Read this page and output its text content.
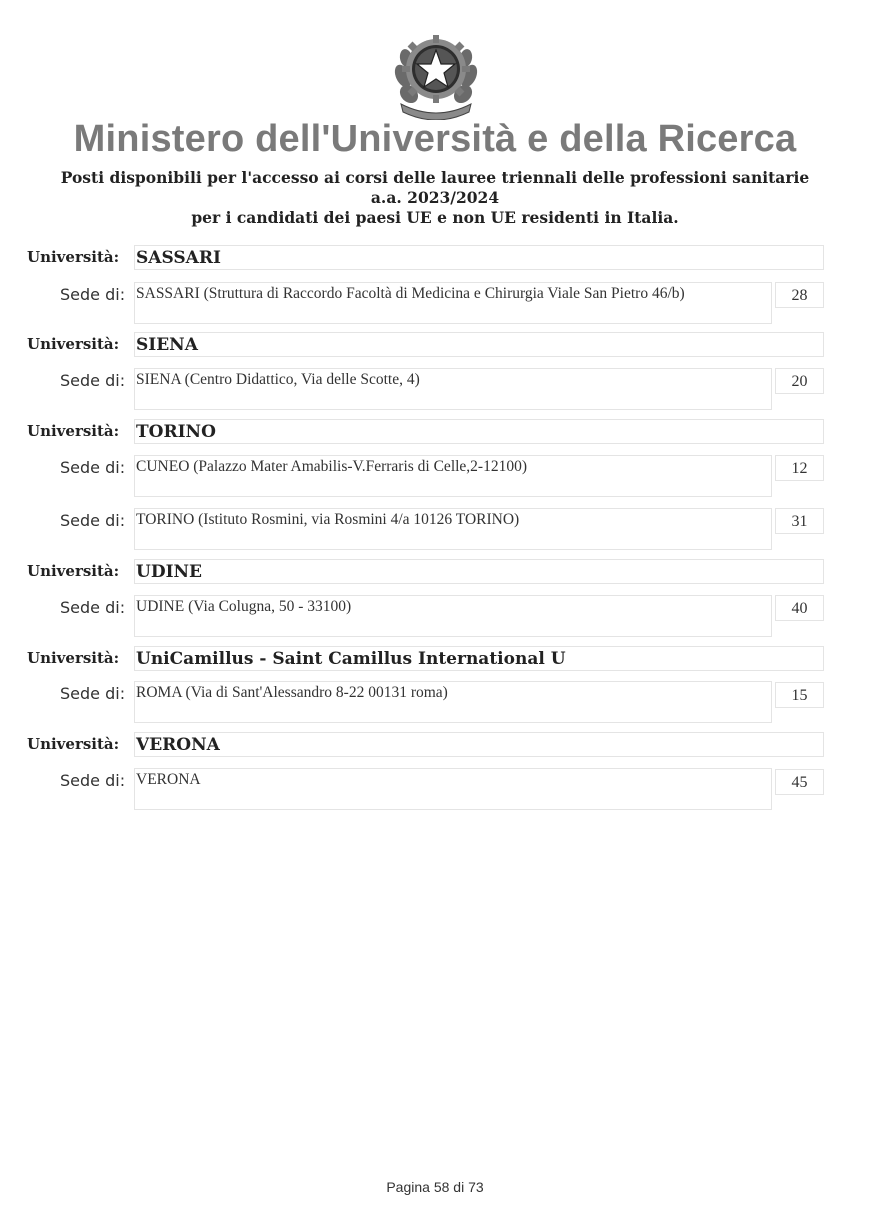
Ministero dell'Università e della Ricerca
Posti disponibili per l'accesso ai corsi delle lauree triennali delle professioni sanitarie
a.a. 2023/2024
per i candidati dei paesi UE e non UE residenti in Italia.
Università: SASSARI
Sede di: SASSARI (Struttura di Raccordo Facoltà di Medicina e Chirurgia Viale San Pietro 46/b)	28
Università: SIENA
Sede di: SIENA (Centro Didattico, Via delle Scotte, 4)	20
Università: TORINO
Sede di: CUNEO (Palazzo Mater Amabilis-V.Ferraris di Celle,2-12100)	12
Sede di: TORINO (Istituto Rosmini, via Rosmini 4/a 10126 TORINO)	31
Università: UDINE
Sede di: UDINE (Via Colugna, 50 - 33100)	40
Università: UniCamillus - Saint Camillus International U
Sede di: ROMA (Via di Sant'Alessandro 8-22 00131 roma)	15
Università: VERONA
Sede di: VERONA	45
Pagina 58 di 73
